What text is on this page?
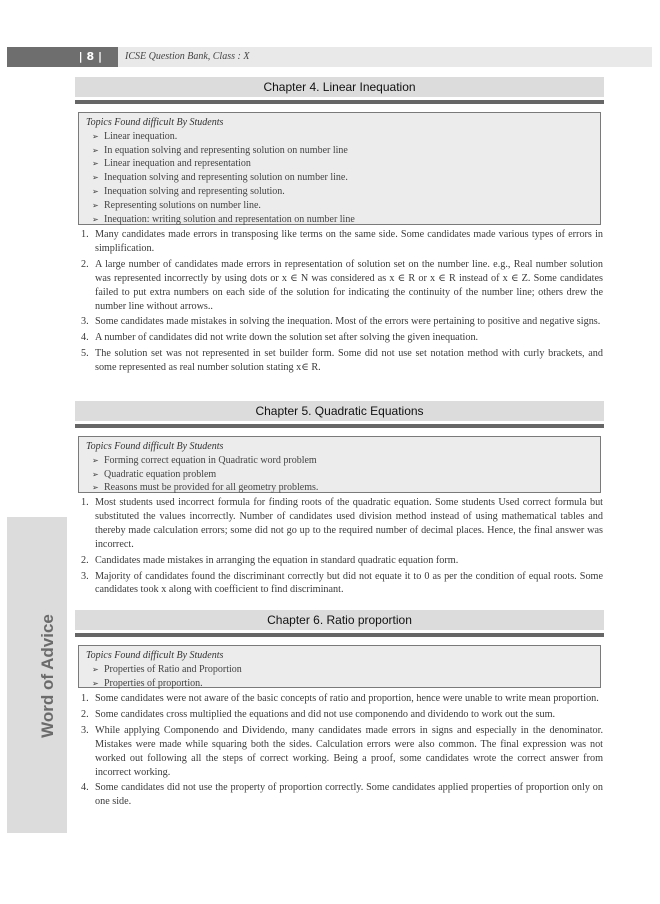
| 8 |	ICSE Question Bank, Class : X
Word of Advice
Chapter 4. Linear Inequation
Topics Found difficult By Students
➢ Linear inequation.
➢ In equation solving and representing solution on number line
➢ Linear inequation and representation
➢ Inequation solving and representing solution on number line.
➢ Inequation solving and representing solution.
➢ Representing solutions on number line.
➢ Inequation: writing solution and representation on number line
1. Many candidates made errors in transposing like terms on the same side. Some candidates made various types of errors in simplification.
2. A large number of candidates made errors in representation of solution set on the number line. e.g., Real number solution was represented incorrectly by using dots or x ∈ N was considered as x ∈ R or x ∈ R instead of x ∈ Z. Some candidates failed to put extra numbers on each side of the solution for indicating the continuity of the number line; others drew the number line without arrows..
3. Some candidates made mistakes in solving the inequation. Most of the errors were pertaining to positive and negative signs.
4. A number of candidates did not write down the solution set after solving the given inequation.
5. The solution set was not represented in set builder form. Some did not use set notation method with curly brackets, and some represented as real number solution stating x∈ R.
Chapter 5. Quadratic Equations
Topics Found difficult By Students
➢ Forming correct equation in Quadratic word problem
➢ Quadratic equation problem
➢ Reasons must be provided for all geometry problems.
1. Most students used incorrect formula for finding roots of the quadratic equation. Some students Used correct formula but substituted the values incorrectly. Number of candidates used division method instead of using mathematical tables and thereby made calculation errors; some did not go up to the required number of decimal places. Hence, the final answer was incorrect.
2. Candidates made mistakes in arranging the equation in standard quadratic equation form.
3. Majority of candidates found the discriminant correctly but did not equate it to 0 as per the condition of equal roots. Some candidates took x along with coefficient to find discriminant.
Chapter 6. Ratio proportion
Topics Found difficult By Students
➢ Properties of Ratio and Proportion
➢ Properties of proportion.
1. Some candidates were not aware of the basic concepts of ratio and proportion, hence were unable to write mean proportion.
2. Some candidates cross multiplied the equations and did not use componendo and dividendo to work out the sum.
3. While applying Componendo and Dividendo, many candidates made errors in signs and especially in the denominator. Mistakes were made while squaring both the sides. Calculation errors were also common. The final expression was not worked out following all the steps of correct working. Being a proof, some candidates wrote the correct answer from incorrect working.
4. Some candidates did not use the property of proportion correctly. Some candidates applied properties of proportion only on one side.
